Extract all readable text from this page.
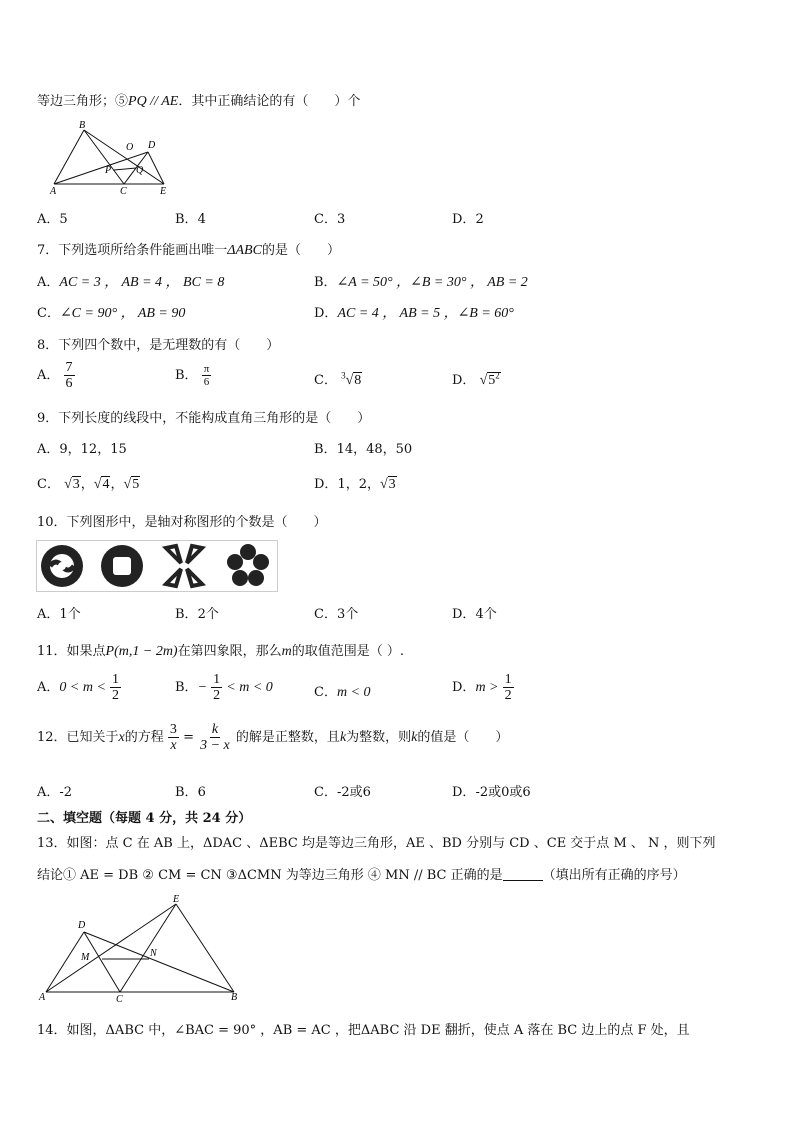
等边三角形；⑤PQ // AE．其中正确结论的有（　　）个
A
B
C
D
E
O
P Q
A．5	B．4	C．3	D．2
7．下列选项所给条件能画出唯一ΔABC的是（　　）
A．AC = 3 ， AB = 4 ， BC = 8	B．∠A = 50° ，∠B = 30° ， AB = 2
C．∠C = 90° ， AB = 90	D．AC = 4 ， AB = 5 ，∠B = 60°
8．下列四个数中，是无理数的有（　　）
A． $\frac{7}{6}$	B． $\frac{\pi}{6}$	C． $^3$√8	D． $√5^2$
9．下列长度的线段中，不能构成直角三角形的是（　　）
A．9，12，15	B．14，48，50
C． √3，√4，√5	D．1，2，√3
10．下列图形中，是轴对称图形的个数是（　　）
A．1个	B．2个	C．3个	D．4个
11．如果点P(m,1 − 2m)在第四象限，那么m的取值范围是（ ）.
A．$0 < m < \frac{1}{2}$	B．− $\frac{1}{2} < m < 0$	C．m < 0	D．$m > \frac{1}{2}$
12．已知关于x的方程 $\frac{3}{x} = \frac{k}{3 - x}$ 的解是正整数，且k为整数，则k的值是（　　）
A．-2	B．6	C．-2或6	D．-2或0或6
二、填空题（每题 4 分，共 24 分）
13．如图：点 C 在 AB 上，ΔDAC 、ΔEBC 均是等边三角形，AE 、BD 分别与 CD 、CE 交于点 M 、 N ，则下列
结论① AE = DB ② CM = CN ③ΔCMN 为等边三角形 ④ MN // BC 正确的是	（填出所有正确的序号）
A	B
C
D
E
M	N
14．如图，ΔABC 中，∠BAC = 90° ，AB = AC ，把ΔABC 沿 DE 翻折，使点 A 落在 BC 边上的点 F 处，且
